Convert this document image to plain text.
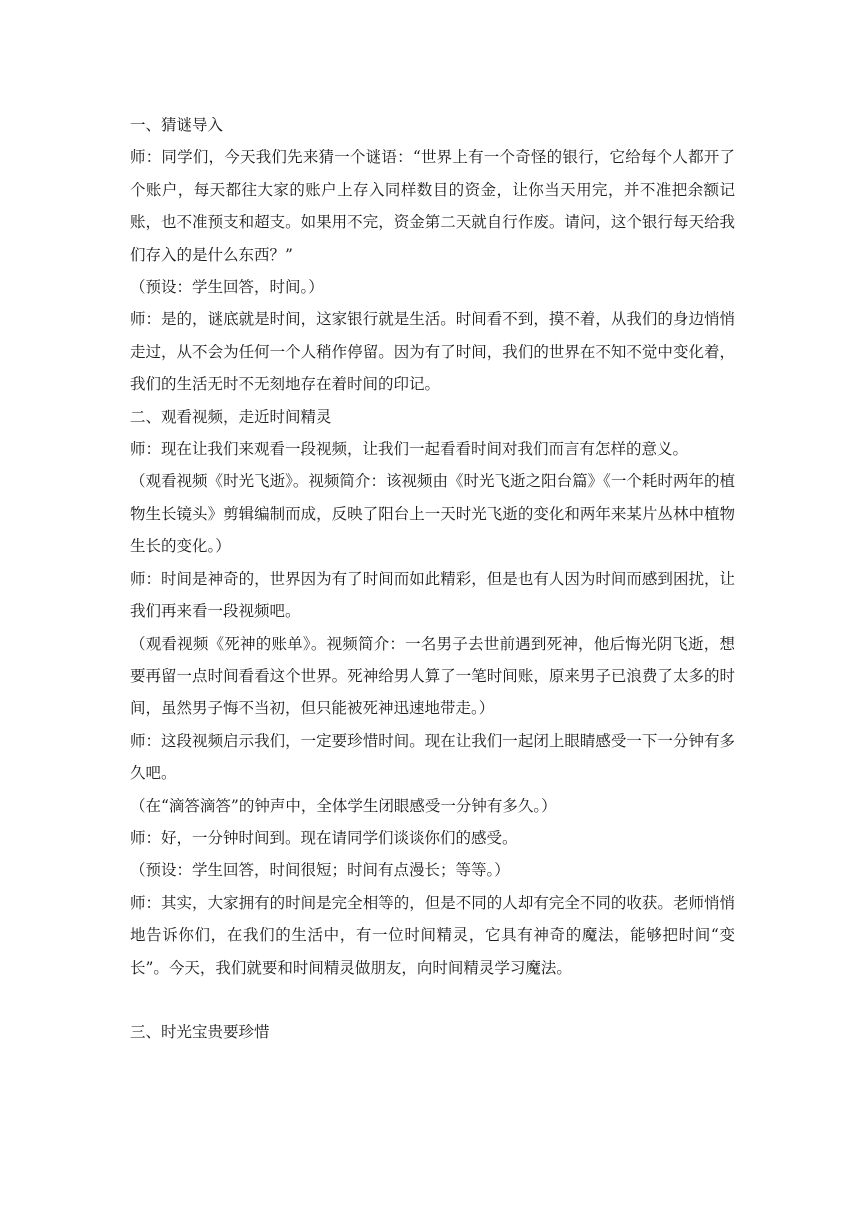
一、猜谜导入

师：同学们，今天我们先来猜一个谜语：“世界上有一个奇怪的银行，它给每个人都开了个账户，每天都往大家的账户上存入同样数目的资金，让你当天用完，并不准把余额记账，也不准预支和超支。如果用不完，资金第二天就自行作废。请问，这个银行每天给我们存入的是什么东西？”

（预设：学生回答，时间。）

师：是的，谜底就是时间，这家银行就是生活。时间看不到，摸不着，从我们的身边悄悄走过，从不会为任何一个人稍作停留。因为有了时间，我们的世界在不知不觉中变化着，我们的生活无时不无刻地存在着时间的印记。

二、观看视频，走近时间精灵

师：现在让我们来观看一段视频，让我们一起看看时间对我们而言有怎样的意义。

（观看视频《时光飞逝》。视频简介：该视频由《时光飞逝之阳台篇》《一个耗时两年的植物生长镜头》剪辑编制而成，反映了阳台上一天时光飞逝的变化和两年来某片丛林中植物生长的变化。）

师：时间是神奇的，世界因为有了时间而如此精彩，但是也有人因为时间而感到困扰，让我们再来看一段视频吧。

（观看视频《死神的账单》。视频简介：一名男子去世前遇到死神，他后悔光阴飞逝，想要再留一点时间看看这个世界。死神给男人算了一笔时间账，原来男子已浪费了太多的时间，虽然男子悔不当初，但只能被死神迅速地带走。）

师：这段视频启示我们，一定要珍惜时间。现在让我们一起闭上眼睛感受一下一分钟有多久吧。

（在“滴答滴答”的钟声中，全体学生闭眼感受一分钟有多久。）

师：好，一分钟时间到。现在请同学们谈谈你们的感受。

（预设：学生回答，时间很短；时间有点漫长；等等。）

师：其实，大家拥有的时间是完全相等的，但是不同的人却有完全不同的收获。老师悄悄地告诉你们，在我们的生活中，有一位时间精灵，它具有神奇的魔法，能够把时间“变长”。今天，我们就要和时间精灵做朋友，向时间精灵学习魔法。

三、时光宝贵要珍惜
